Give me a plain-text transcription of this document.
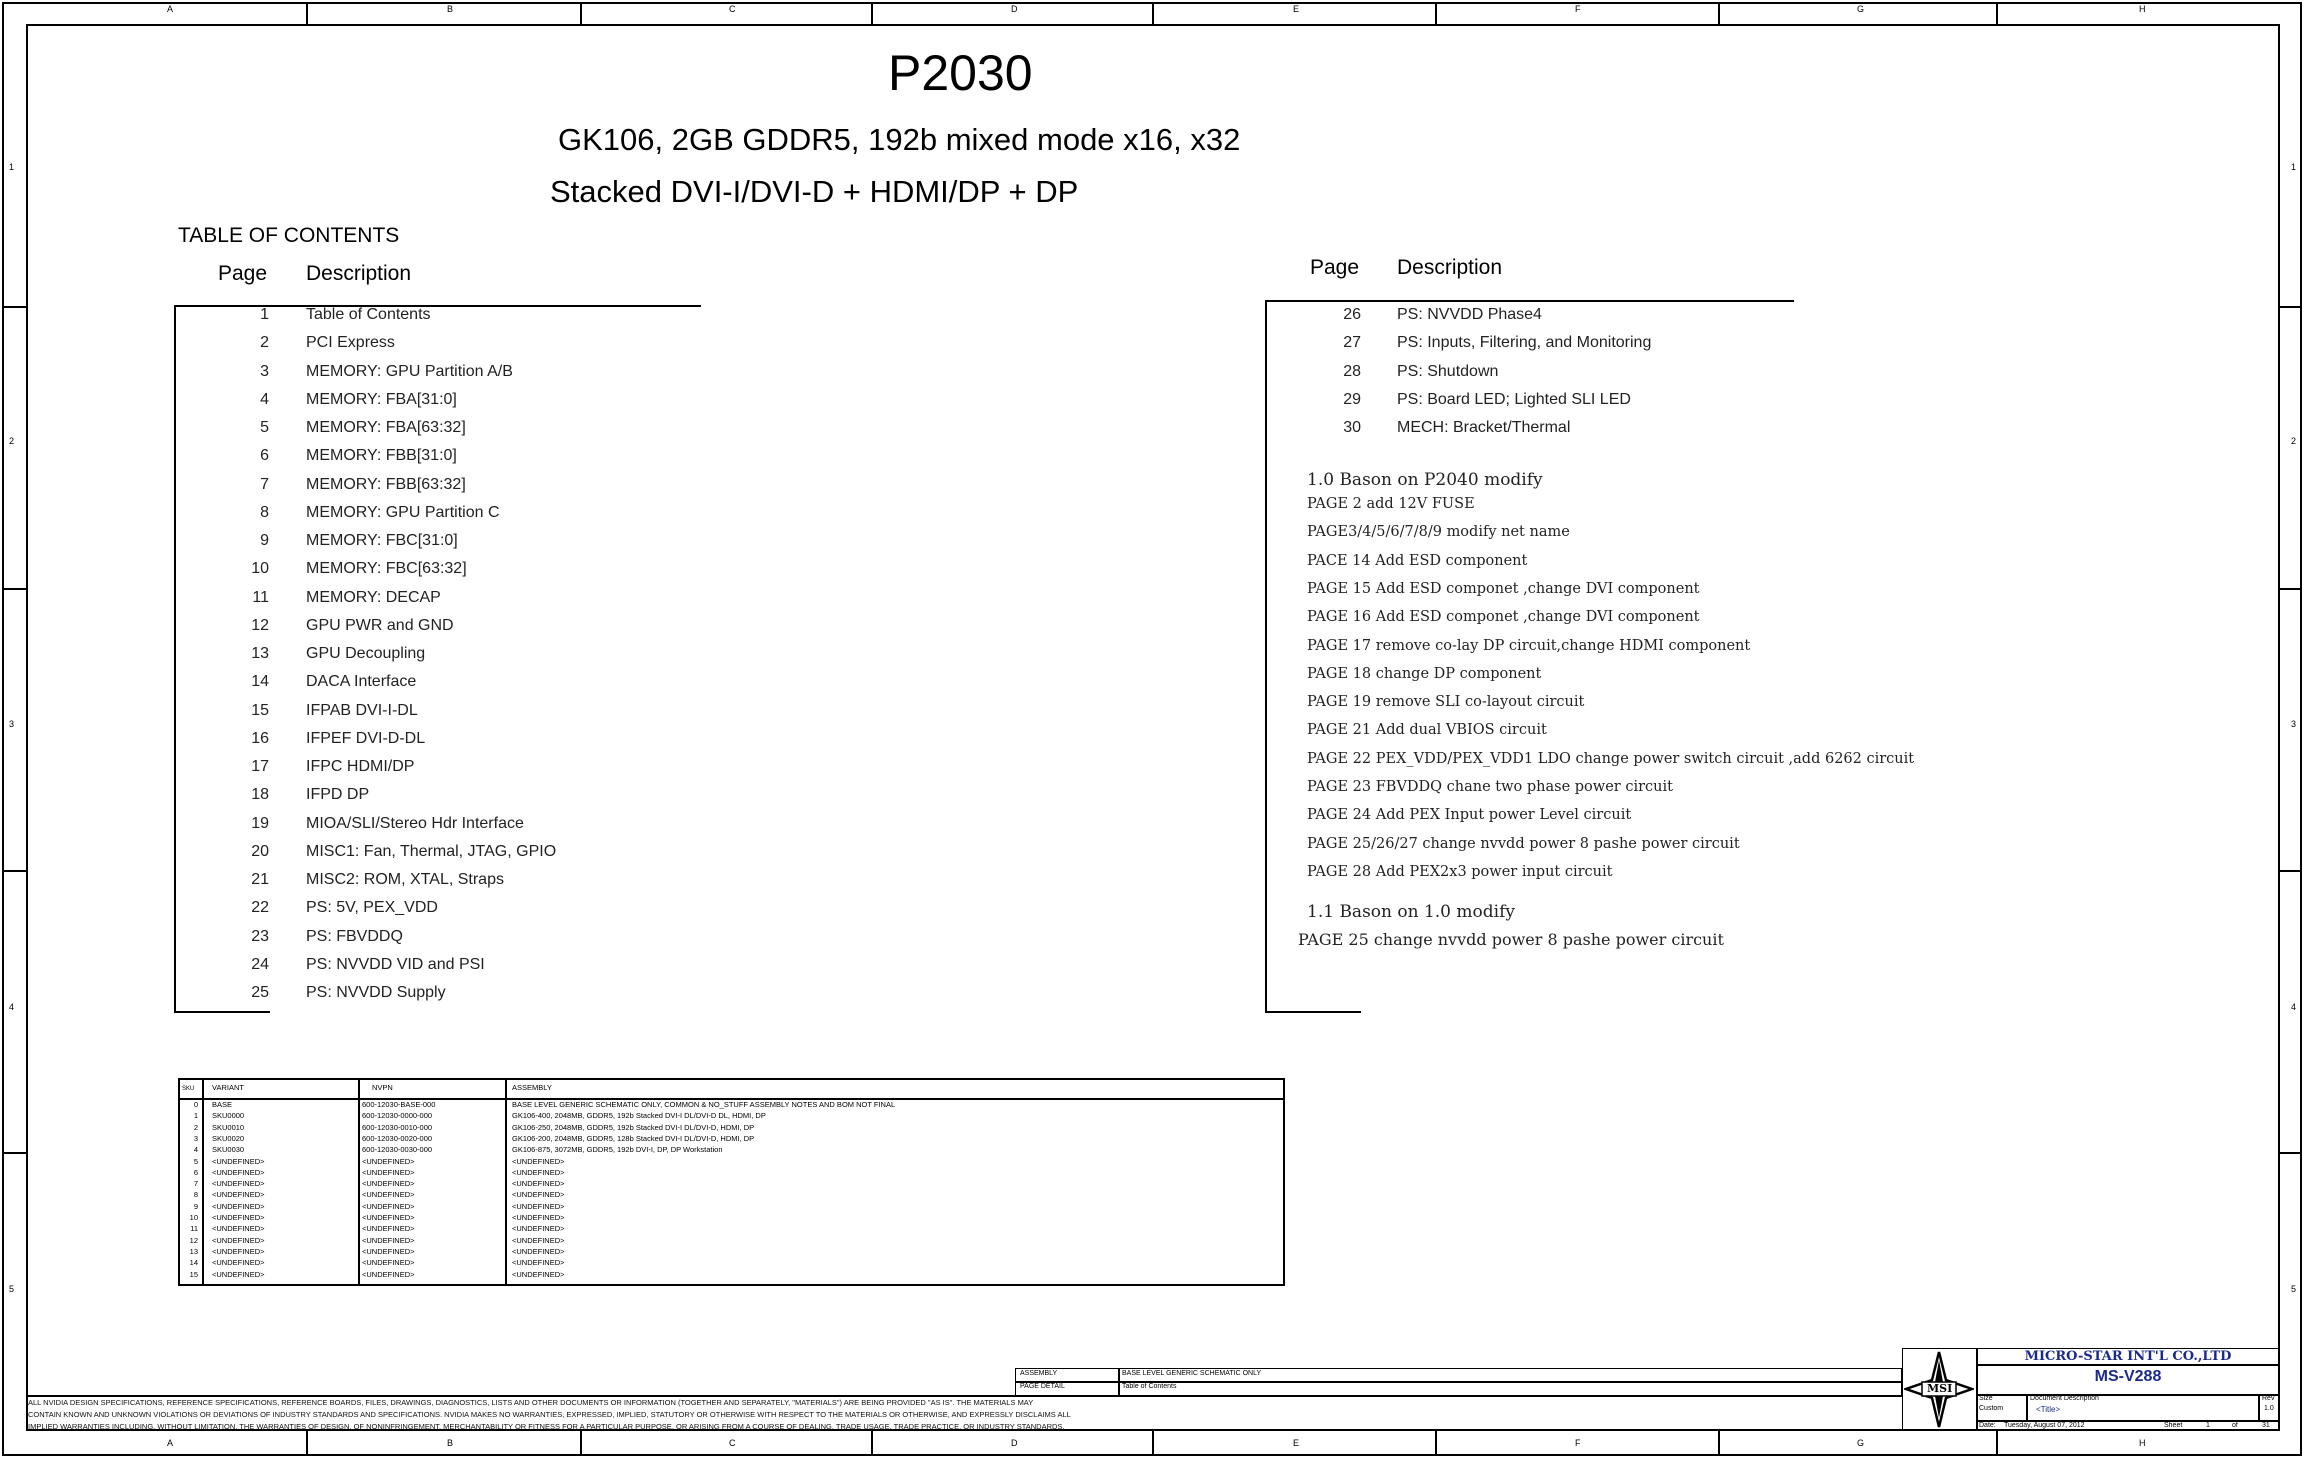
A
A
B
B
C
C
D
D
E
E
F
F
G
G
H
H
1	1
2	2
3	3
4	4
5	5
P2030
GK106, 2GB GDDR5, 192b mixed mode x16, x32
Stacked DVI-I/DVI-D + HDMI/DP + DP
TABLE OF CONTENTS
Page Description
1 Table of Contents
2 PCI Express
3 MEMORY: GPU Partition A/B
4 MEMORY: FBA[31:0]
5 MEMORY: FBA[63:32]
6 MEMORY: FBB[31:0]
7 MEMORY: FBB[63:32]
8 MEMORY: GPU Partition C
9 MEMORY: FBC[31:0]
10 MEMORY: FBC[63:32]
11 MEMORY: DECAP
12 GPU PWR and GND
13 GPU Decoupling
14 DACA Interface
15 IFPAB DVI-I-DL
16 IFPEF DVI-D-DL
17 IFPC HDMI/DP
18 IFPD DP
19 MIOA/SLI/Stereo Hdr Interface
20 MISC1: Fan, Thermal, JTAG, GPIO
21 MISC2: ROM, XTAL, Straps
22 PS: 5V, PEX_VDD
23 PS: FBVDDQ
24 PS: NVVDD VID and PSI
25 PS: NVVDD Supply
Page Description
26 PS: NVVDD Phase4
27 PS: Inputs, Filtering, and Monitoring
28 PS: Shutdown
29 PS: Board LED; Lighted SLI LED
30 MECH: Bracket/Thermal
1.0 Bason on P2040 modify
1.1 Bason on 1.0 modify
PAGE 2 add 12V FUSE
PAGE3/4/5/6/7/8/9 modify net name
PACE 14 Add ESD component
PAGE 15 Add ESD componet ,change DVI component
PAGE 16 Add ESD componet ,change DVI component
PAGE 17 remove co-lay DP circuit,change HDMI component
PAGE 18 change DP component
PAGE 19 remove SLI co-layout circuit
PAGE 21 Add dual VBIOS circuit
PAGE 22 PEX_VDD/PEX_VDD1 LDO change power switch circuit ,add 6262 circuit
PAGE 23 FBVDDQ chane two phase power circuit
PAGE 24 Add PEX Input power Level circuit
PAGE 25/26/27 change nvvdd power 8 pashe power circuit
PAGE 28 Add PEX2x3 power input circuit
PAGE 25 change nvvdd power 8 pashe power circuit
SKU VARIANT	NVPN	ASSEMBLY
0 BASE	600-12030-BASE-000	BASE LEVEL GENERIC SCHEMATIC ONLY, COMMON & NO_STUFF ASSEMBLY NOTES AND BOM NOT FINAL
1 SKU0000	600-12030-0000-000	GK106-400, 2048MB, GDDR5, 192b Stacked DVI-I DL/DVI-D DL, HDMI, DP
2 SKU0010	600-12030-0010-000	GK106-250, 2048MB, GDDR5, 192b Stacked DVI-I DL/DVI-D, HDMI, DP
3 SKU0020	600-12030-0020-000	GK106-200, 2048MB, GDDR5, 128b Stacked DVI-I DL/DVI-D, HDMI, DP
4 SKU0030	600-12030-0030-000	GK106-875, 3072MB, GDDR5, 192b DVI-I, DP, DP Workstation
5 <UNDEFINED>	<UNDEFINED>	<UNDEFINED>
6 <UNDEFINED>	<UNDEFINED>	<UNDEFINED>
7 <UNDEFINED>	<UNDEFINED>	<UNDEFINED>
8 <UNDEFINED>	<UNDEFINED>	<UNDEFINED>
9 <UNDEFINED>	<UNDEFINED>	<UNDEFINED>
10 <UNDEFINED>	<UNDEFINED>	<UNDEFINED>
11 <UNDEFINED>	<UNDEFINED>	<UNDEFINED>
12 <UNDEFINED>	<UNDEFINED>	<UNDEFINED>
13 <UNDEFINED>	<UNDEFINED>	<UNDEFINED>
14 <UNDEFINED>	<UNDEFINED>	<UNDEFINED>
15 <UNDEFINED>	<UNDEFINED>	<UNDEFINED>
ASSEMBLY	BASE LEVEL GENERIC SCHEMATIC ONLY
PAGE DETAIL	Table of Contents
ALL NVIDIA DESIGN SPECIFICATIONS, REFERENCE SPECIFICATIONS, REFERENCE BOARDS, FILES, DRAWINGS, DIAGNOSTICS, LISTS AND OTHER DOCUMENTS OR INFORMATION (TOGETHER AND SEPARATELY, "MATERIALS") ARE BEING PROVIDED "AS IS". THE MATERIALS MAY
CONTAIN KNOWN AND UNKNOWN VIOLATIONS OR DEVIATIONS OF INDUSTRY STANDARDS AND SPECIFICATIONS. NVIDIA MAKES NO WARRANTIES, EXPRESSED, IMPLIED, STATUTORY OR OTHERWISE WITH RESPECT TO THE MATERIALS OR OTHERWISE, AND EXPRESSLY DISCLAIMS ALL
IMPLIED WARRANTIES INCLUDING, WITHOUT LIMITATION, THE WARRANTIES OF DESIGN, OF NONINFRINGEMENT, MERCHANTABILITY OR FITNESS FOR A PARTICULAR PURPOSE, OR ARISING FROM A COURSE OF DEALING, TRADE USAGE, TRADE PRACTICE, OR INDUSTRY STANDARDS.
MSI
MICRO-STAR INT'L CO.,LTD
MS-V288
Size
Custom
Document Description
<Title>
Rev
1.0
Date: Tuesday, August 07, 2012	Sheet	1	of	31
